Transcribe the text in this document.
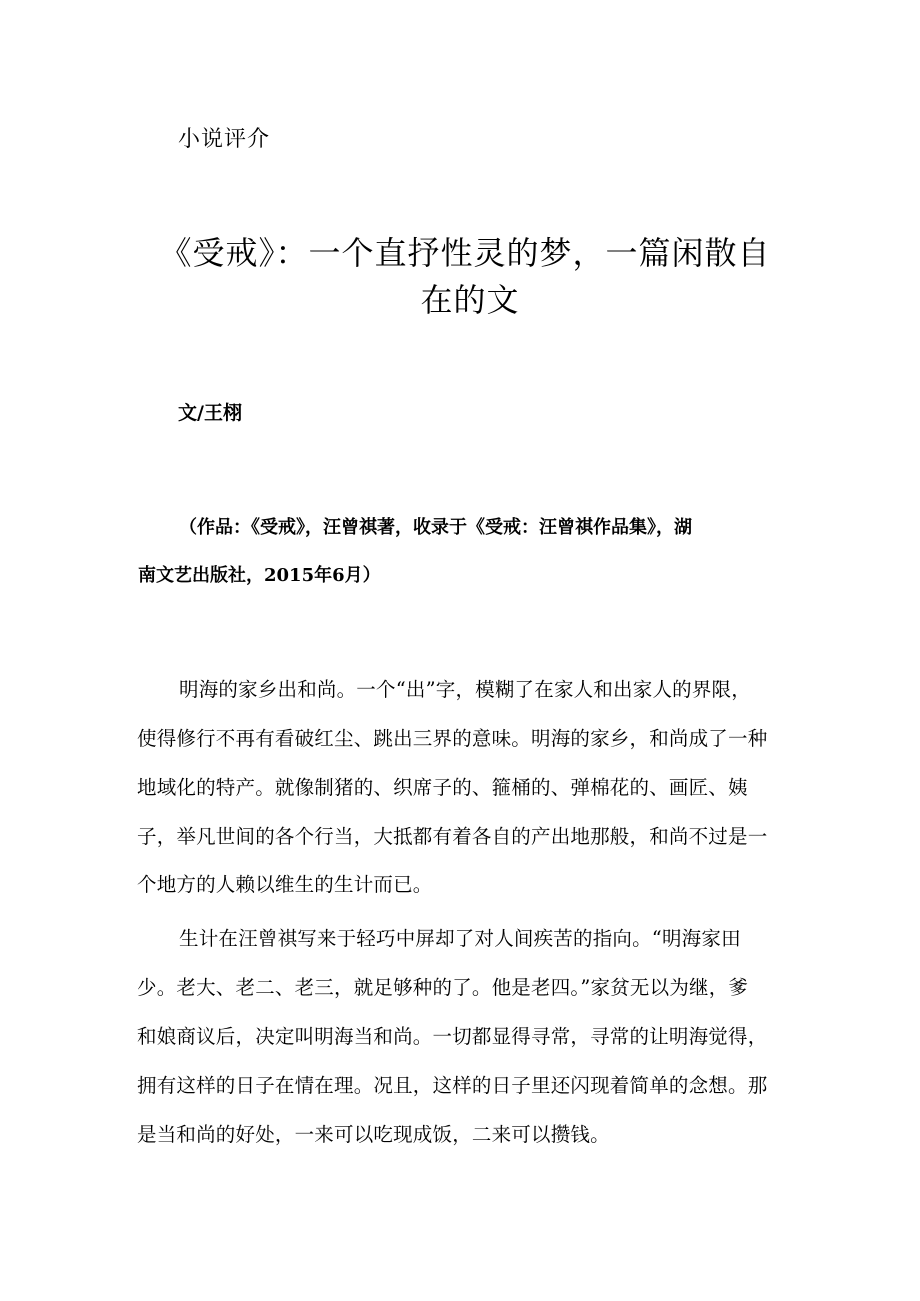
小说评介
《受戒》：一个直抒性灵的梦，一篇闲散自
在的文
文/王栩
（作品：《受戒》，汪曾祺著，收录于《受戒：汪曾祺作品集》，湖
南文艺出版社，2015年6月）
明海的家乡出和尚。一个“出”字，模糊了在家人和出家人的界限，
使得修行不再有看破红尘、跳出三界的意味。明海的家乡，和尚成了一种
地域化的特产。就像制猪的、织席子的、箍桶的、弹棉花的、画匠、姨
子，举凡世间的各个行当，大抵都有着各自的产出地那般，和尚不过是一
个地方的人赖以维生的生计而已。
生计在汪曾祺写来于轻巧中屏却了对人间疾苦的指向。“明海家田
少。老大、老二、老三，就足够种的了。他是老四。”家贫无以为继，爹
和娘商议后，决定叫明海当和尚。一切都显得寻常，寻常的让明海觉得，
拥有这样的日子在情在理。况且，这样的日子里还闪现着简单的念想。那
是当和尚的好处，一来可以吃现成饭，二来可以攒钱。
